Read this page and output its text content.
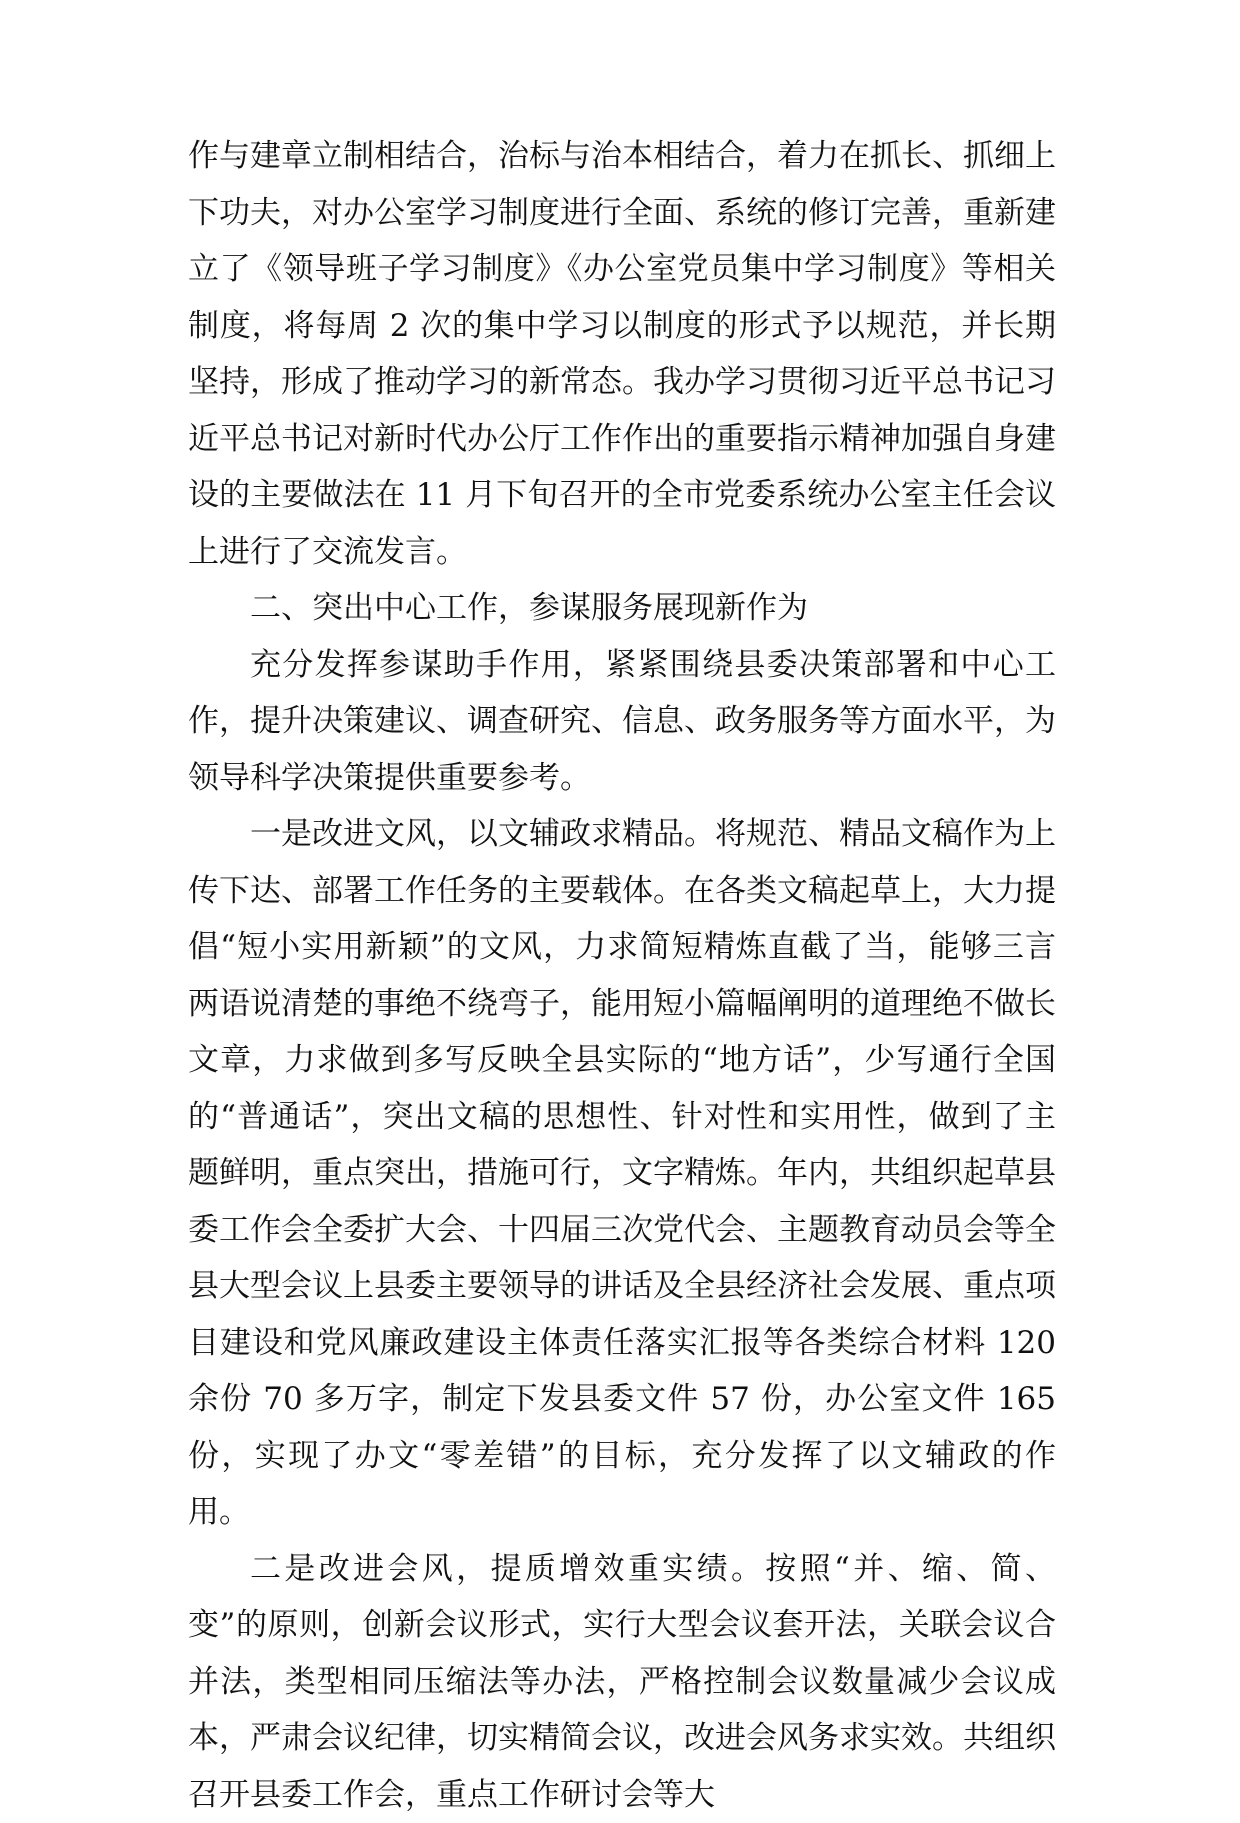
作与建章立制相结合，治标与治本相结合，着力在抓长、抓细上下功夫，对办公室学习制度进行全面、系统的修订完善，重新建立了《领导班子学习制度》《办公室党员集中学习制度》等相关制度，将每周 2 次的集中学习以制度的形式予以规范，并长期坚持，形成了推动学习的新常态。我办学习贯彻习近平总书记习近平总书记对新时代办公厅工作作出的重要指示精神加强自身建设的主要做法在 11 月下旬召开的全市党委系统办公室主任会议上进行了交流发言。

二、突出中心工作，参谋服务展现新作为

充分发挥参谋助手作用，紧紧围绕县委决策部署和中心工作，提升决策建议、调查研究、信息、政务服务等方面水平，为领导科学决策提供重要参考。

一是改进文风，以文辅政求精品。将规范、精品文稿作为上传下达、部署工作任务的主要载体。在各类文稿起草上，大力提倡“短小实用新颖”的文风，力求简短精炼直截了当，能够三言两语说清楚的事绝不绕弯子，能用短小篇幅阐明的道理绝不做长文章，力求做到多写反映全县实际的“地方话”，少写通行全国的“普通话”，突出文稿的思想性、针对性和实用性，做到了主题鲜明，重点突出，措施可行，文字精炼。年内，共组织起草县委工作会全委扩大会、十四届三次党代会、主题教育动员会等全县大型会议上县委主要领导的讲话及全县经济社会发展、重点项目建设和党风廉政建设主体责任落实汇报等各类综合材料 120 余份 70 多万字，制定下发县委文件 57 份，办公室文件 165 份，实现了办文“零差错”的目标，充分发挥了以文辅政的作用。

二是改进会风，提质增效重实绩。按照“并、缩、简、变”的原则，创新会议形式，实行大型会议套开法，关联会议合并法，类型相同压缩法等办法，严格控制会议数量减少会议成本，严肃会议纪律，切实精简会议，改进会风务求实效。共组织召开县委工作会，重点工作研讨会等大
